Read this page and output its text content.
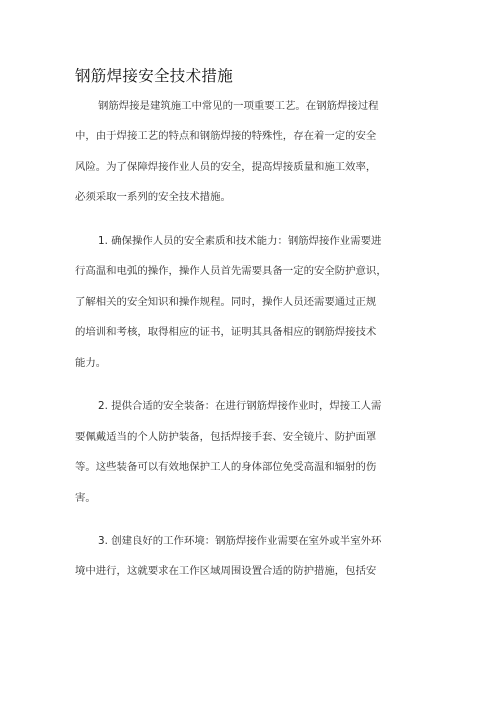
钢筋焊接安全技术措施
钢筋焊接是建筑施工中常见的一项重要工艺。在钢筋焊接过程
中，由于焊接工艺的特点和钢筋焊接的特殊性，存在着一定的安全
风险。为了保障焊接作业人员的安全，提高焊接质量和施工效率，
必须采取一系列的安全技术措施。
1. 确保操作人员的安全素质和技术能力：钢筋焊接作业需要进
行高温和电弧的操作，操作人员首先需要具备一定的安全防护意识，
了解相关的安全知识和操作规程。同时，操作人员还需要通过正规
的培训和考核，取得相应的证书，证明其具备相应的钢筋焊接技术
能力。
2. 提供合适的安全装备：在进行钢筋焊接作业时，焊接工人需
要佩戴适当的个人防护装备，包括焊接手套、安全镜片、防护面罩
等。这些装备可以有效地保护工人的身体部位免受高温和辐射的伤
害。
3. 创建良好的工作环境：钢筋焊接作业需要在室外或半室外环
境中进行，这就要求在工作区域周围设置合适的防护措施，包括安
